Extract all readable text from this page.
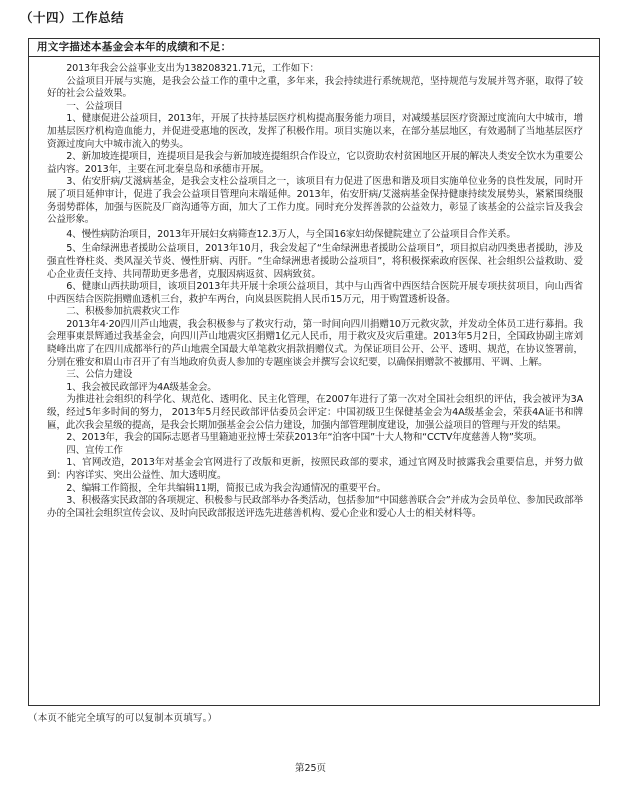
（十四）工作总结
用文字描述本基金会本年的成绩和不足：

2013年我会公益事业支出为138208321.71元，工作如下：

公益项目开展与实施，是我会公益工作的重中之重，多年来，我会持续进行系统规范，坚持规范与发展并驾齐驱，取得了较好的社会公益效果。

一、公益项目

1、健康促进公益项目，2013年，开展了扶持基层医疗机构提高服务能力项目，对减缓基层医疗资源过度流向大中城市，增加基层医疗机构造血能力，并促进受惠地的医改，发挥了积极作用。项目实施以来，在部分基层地区，有效遏制了当地基层医疗资源过度向大中城市流入的势头。

2、新加坡连提项目，连提项目是我会与新加坡连提组织合作设立，它以资助农村贫困地区开展的解决人类安全饮水为重要公益内容。2013年，主要在河北秦皇岛和承德市开展。

3、佑安肝病/艾滋病基金，是我会支柱公益项目之一，该项目有力促进了医患和谐及项目实施单位业务的良性发展，同时开展了项目延伸审计，促进了我会公益项目管理向末端延伸。2013年，佑安肝病/艾滋病基金保持健康持续发展势头，紧紧围绕服务弱势群体，加强与医院及厂商沟通等方面，加大了工作力度。同时充分发挥善款的公益效力，彰显了该基金的公益宗旨及我会公益形象。

4、慢性病防治项目，2013年开展妇女病筛查12.3万人，与全国16家妇幼保健院建立了公益项目合作关系。

5、生命绿洲患者援助公益项目，2013年10月，我会发起了“生命绿洲患者援助公益项目”，项目拟启动四类患者援助，涉及强直性脊柱炎、类风湿关节炎、慢性肝病、丙肝。“生命绿洲患者援助公益项目”，将积极探索政府医保、社会组织公益救助、爱心企业责任支持、共同帮助更多患者，克服因病返贫、因病致贫。

6、健康山西扶助项目，该项目2013年共开展十余项公益项目，其中与山西省中西医结合医院开展专项扶贫项目，向山西省中西医结合医院捐赠血透机三台，救护车两台，向岚县医院捐人民币15万元，用于购置透析设备。

二、积极参加抗震救灾工作

2013年4·20四川芦山地震，我会积极参与了救灾行动，第一时间向四川捐赠10万元救灾款，并发动全体员工进行募捐。我会理事東景辉通过我基金会，向四川芦山地震灾区捐赠1亿元人民币，用于救灾及灾后重建。2013年5月2日，全国政协副主席刘晓峰出席了在四川成都举行的芦山地震全国最大单笔救灾捐款捐赠仪式。为保证项目公开、公平、透明、规范，在协议签署前，分别在雅安和眉山市召开了有当地政府负责人参加的专题座谈会并撰写会议纪要，以确保捐赠款不被挪用、平调、上解。

三、公信力建设

1、我会被民政部评为4A级基金会。

为推进社会组织的科学化、规范化、透明化、民主化管理，在2007年进行了第一次对全国社会组织的评估，我会被评为3A级，经过5年多时间的努力， 2013年5月经民政部评估委员会评定：中国初级卫生保健基金会为4A级基金会，荣获4A证书和牌匾，此次我会星级的提高，是我会长期加强基金会公信力建设，加强内部管理制度建设，加强公益项目的管理与开发的结果。

2、2013年，我会的国际志愿者马里籍迪亚拉博士荣获2013年“泊客中国”十大人物和“CCTV年度慈善人物”奖项。

四、宣传工作

1、官网改造，2013年对基金会官网进行了改版和更新，按照民政部的要求，通过官网及时披露我会重要信息，并努力做到：内容详实、突出公益性、加大透明度。

2、编辑工作简报，全年共编辑11期，简报已成为我会沟通情况的重要平台。

3、积极落实民政部的各项规定、积极参与民政部举办各类活动，包括参加“中国慈善联合会”并成为会员单位、参加民政部举办的全国社会组织宣传会议、及时向民政部报送评选先进慈善机构、爱心企业和爱心人士的相关材料等。

（本页不能完全填写的可以复制本页填写。）
第25页
